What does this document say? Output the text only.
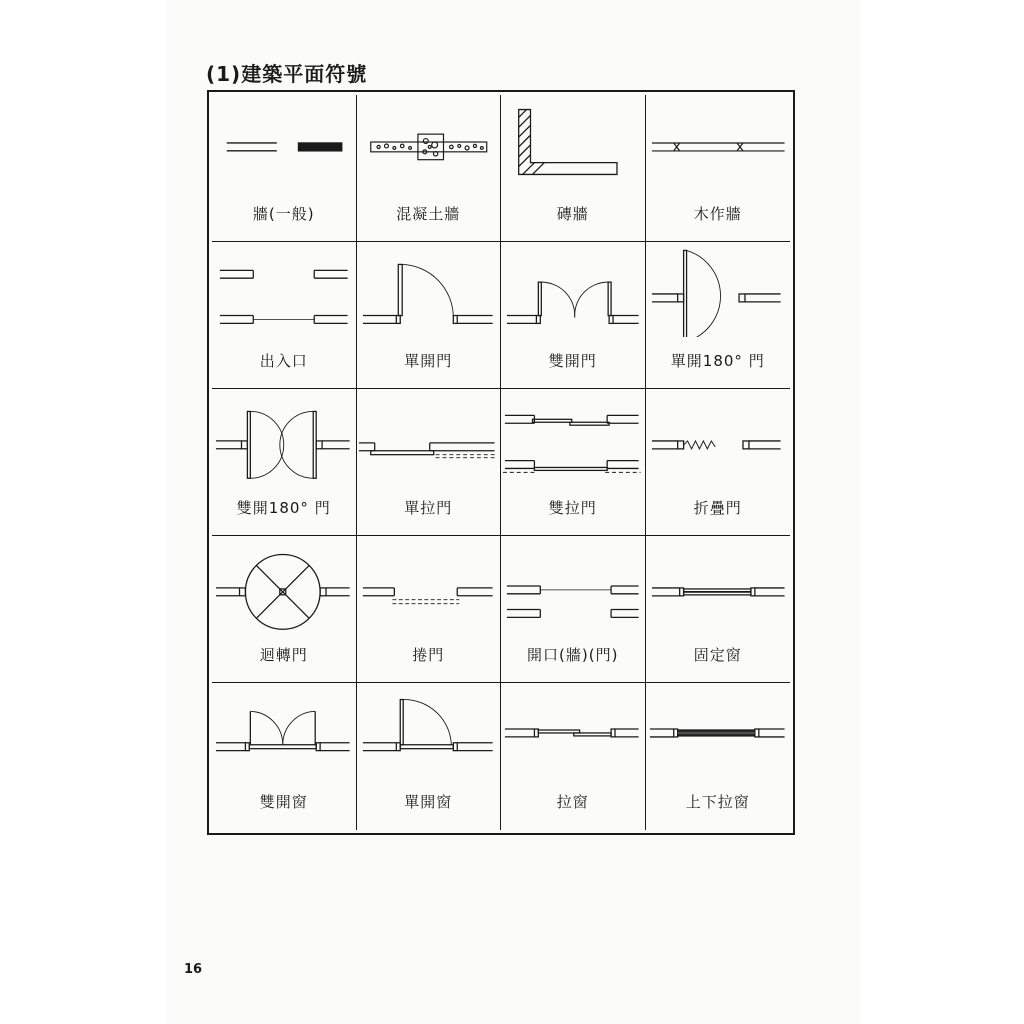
(1)建築平面符號
牆(一般)	混凝土牆	磚牆	木作牆
出入口	單開門	雙開門	單開180° 門
雙開180° 門	單拉門	雙拉門	折疊門
迴轉門	捲門	開口(牆)(門)	固定窗
雙開窗	單開窗	拉窗	上下拉窗
16
